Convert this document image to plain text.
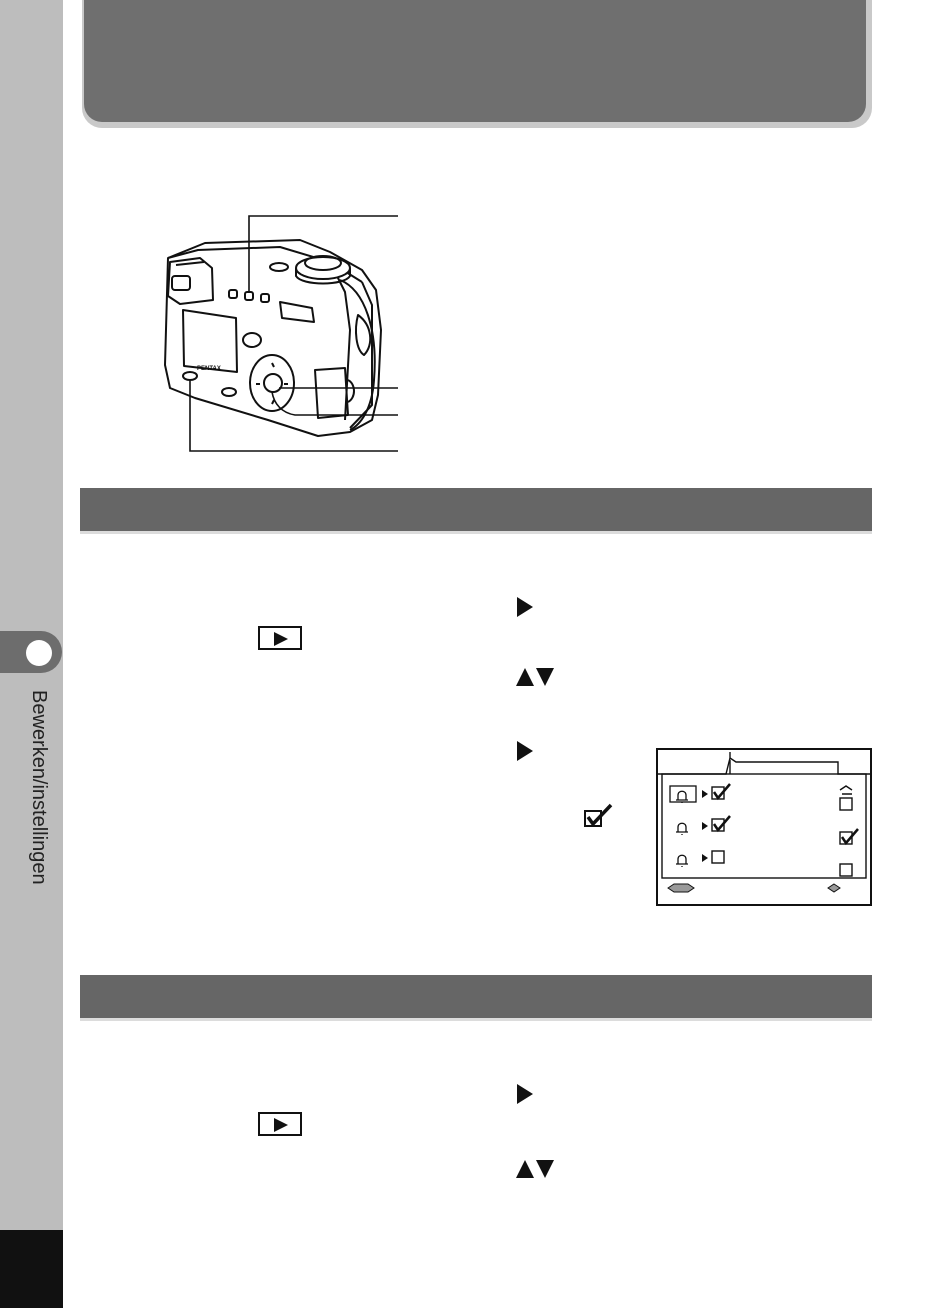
Bewerken/instellingen
PENTAX
